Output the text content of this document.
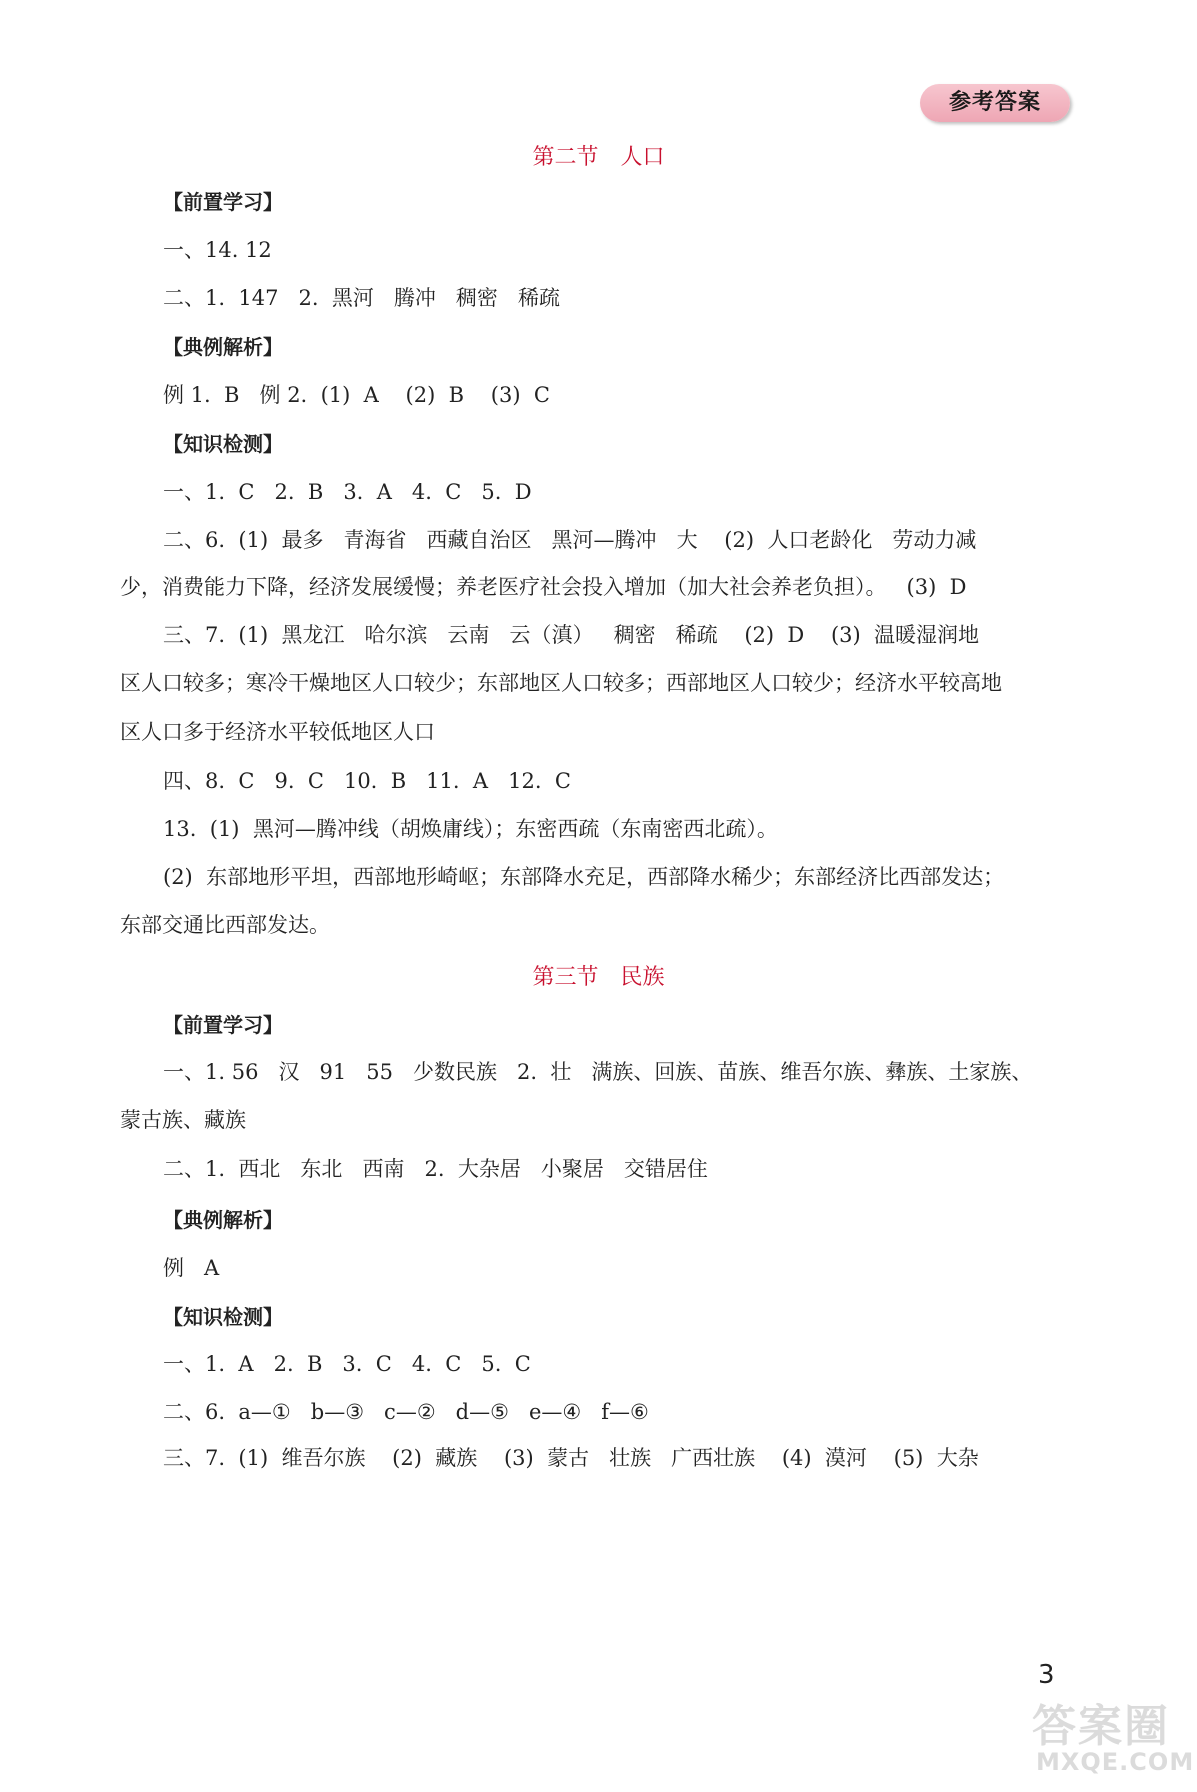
参考答案
第二节　人口
【前置学习】
一、14. 12
二、1.  147   2.  黑河   腾冲   稠密   稀疏
【典例解析】
例 1.  B   例 2.  (1)  A    (2)  B    (3)  C
【知识检测】
一、1.  C   2.  B   3.  A   4.  C   5.  D
二、6.  (1)  最多   青海省   西藏自治区   黑河—腾冲   大    (2)  人口老龄化   劳动力减
少，消费能力下降，经济发展缓慢；养老医疗社会投入增加（加大社会养老负担）。   (3)  D
三、7.  (1)  黑龙江   哈尔滨   云南   云（滇）   稠密   稀疏    (2)  D    (3)  温暖湿润地
区人口较多；寒冷干燥地区人口较少；东部地区人口较多；西部地区人口较少；经济水平较高地
区人口多于经济水平较低地区人口
四、8.  C   9.  C   10.  B   11.  A   12.  C
13.  (1)  黑河—腾冲线（胡焕庸线）；东密西疏（东南密西北疏）。
(2)  东部地形平坦，西部地形崎岖；东部降水充足，西部降水稀少；东部经济比西部发达；
东部交通比西部发达。
第三节　民族
【前置学习】
一、1. 56   汉   91   55   少数民族   2.  壮   满族、回族、苗族、维吾尔族、彝族、土家族、
蒙古族、藏族
二、1.  西北   东北   西南   2.  大杂居   小聚居   交错居住
【典例解析】
例   A
【知识检测】
一、1.  A   2.  B   3.  C   4.  C   5.  C
二、6.  a—①   b—③   c—②   d—⑤   e—④   f—⑥
三、7.  (1)  维吾尔族    (2)  藏族    (3)  蒙古   壮族   广西壮族    (4)  漠河    (5)  大杂
3
答案圈
MXQE.COM
